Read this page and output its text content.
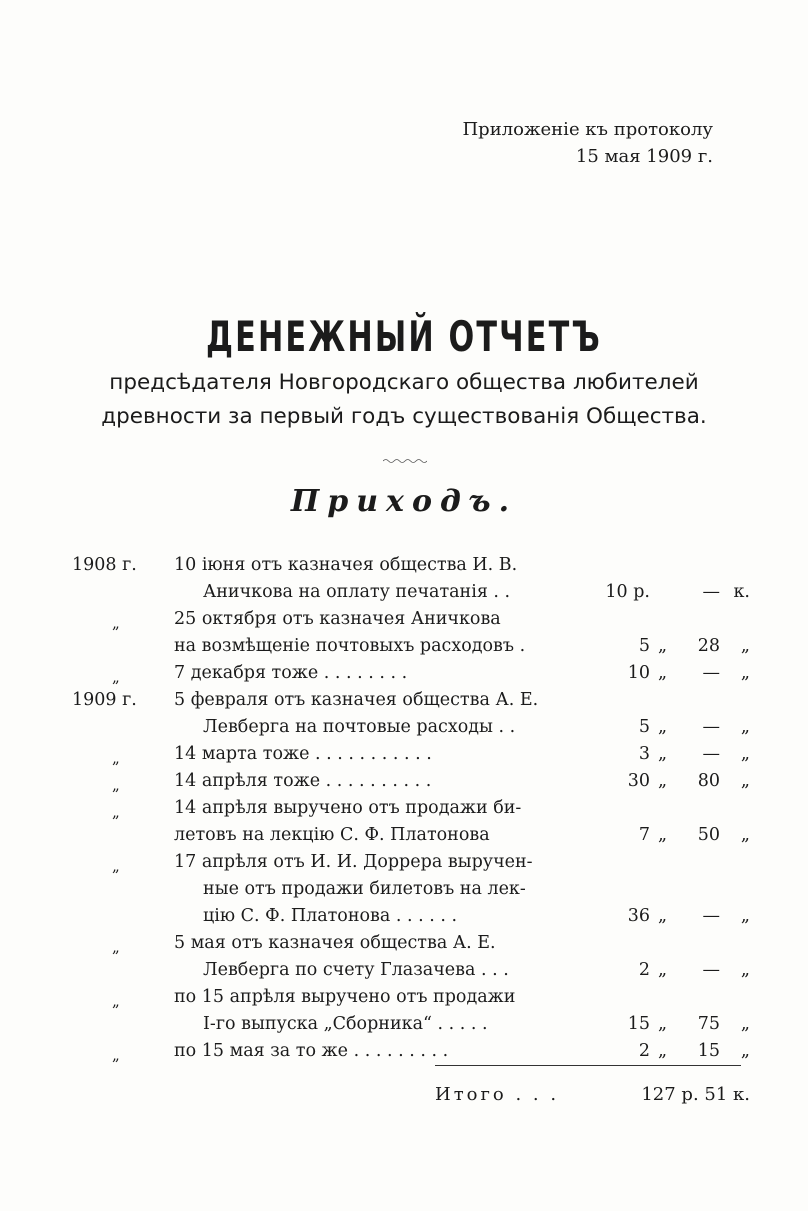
Приложеніе къ протоколу
15 мая 1909 г.
ДЕНЕЖНЫЙ ОТЧЕТЪ
предсѣдателя Новгородскаго общества любителей
древности за первый годъ существованія Общества.
Приходъ.
1908 г. 10 іюня отъ казначея общества И. В.
Аничкова на оплату печатанія . .	10 р.	— к.
„	25 октября отъ казначея Аничкова
на возмѣщеніе почтовыхъ расходовъ .	5 „ 28 „
„	7 декабря тоже . . . . . . . .	10 „ — „
1909 г. 5 февраля отъ казначея общества А. Е.
Левберга на почтовые расходы . .	5 „ — „
„	14 марта тоже . . . . . . . . . . .	3 „ — „
„	14 апрѣля тоже . . . . . . . . . .	30 „ 80 „
„	14 апрѣля выручено отъ продажи би-
летовъ на лекцію С. Ф. Платонова	7 „ 50 „
„	17 апрѣля отъ И. И. Доррера выручен-
ные отъ продажи билетовъ на лек-
цію С. Ф. Платонова . . . . . .	36 „ — „
„	5 мая отъ казначея общества А. Е.
Левберга по счету Глазачева . . .	2 „ — „
„	по 15 апрѣля выручено отъ продажи
I-го выпуска „Сборника“ . . . . .	15 „ 75 „
„	по 15 мая за то же . . . . . . . . .	2 „ 15 „
Итого . . .	127 р. 51 к.
